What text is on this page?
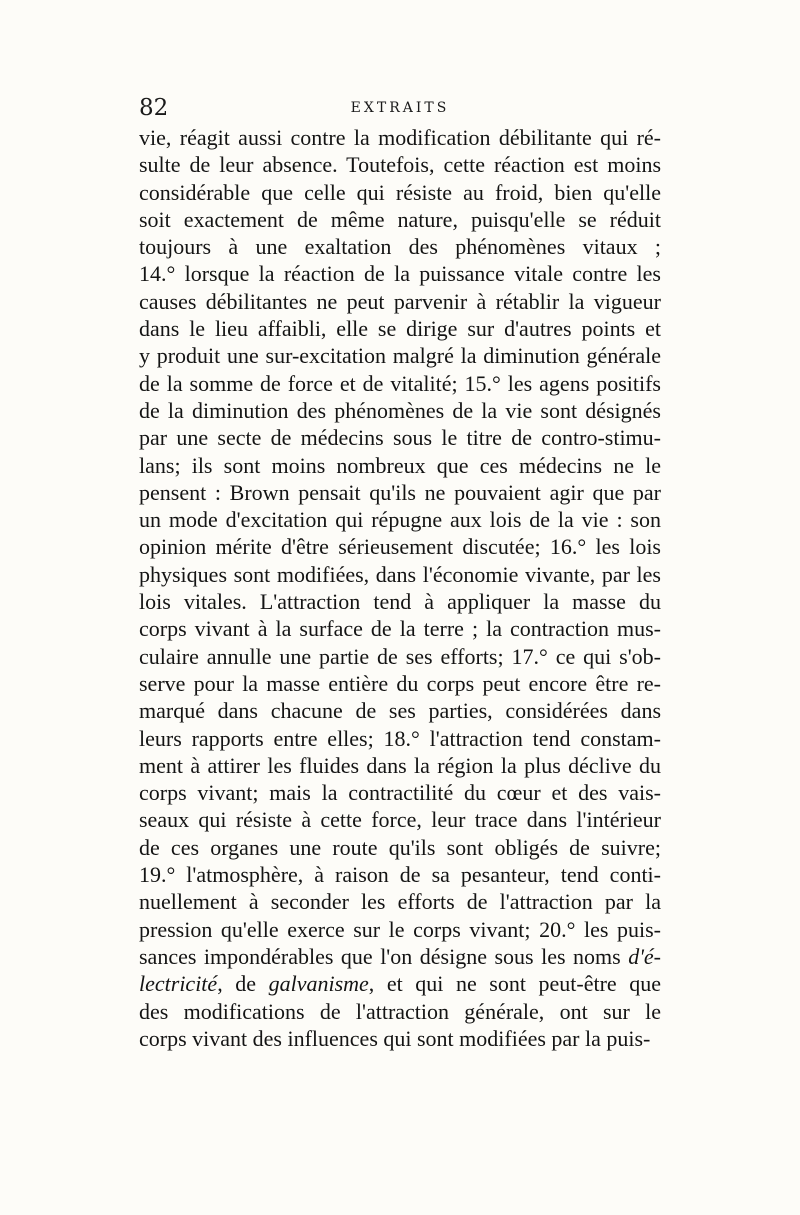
82	EXTRAITS
vie, réagit aussi contre la modification débilitante qui ré-
sulte de leur absence. Toutefois, cette réaction est moins
considérable que celle qui résiste au froid, bien qu'elle
soit exactement de même nature, puisqu'elle se réduit
toujours à une exaltation des phénomènes vitaux ;
14.° lorsque la réaction de la puissance vitale contre les
causes débilitantes ne peut parvenir à rétablir la vigueur
dans le lieu affaibli, elle se dirige sur d'autres points et
y produit une sur-excitation malgré la diminution générale
de la somme de force et de vitalité; 15.° les agens positifs
de la diminution des phénomènes de la vie sont désignés
par une secte de médecins sous le titre de contro-stimu-
lans; ils sont moins nombreux que ces médecins ne le
pensent : Brown pensait qu'ils ne pouvaient agir que par
un mode d'excitation qui répugne aux lois de la vie : son
opinion mérite d'être sérieusement discutée; 16.° les lois
physiques sont modifiées, dans l'économie vivante, par les
lois vitales. L'attraction tend à appliquer la masse du
corps vivant à la surface de la terre ; la contraction mus-
culaire annulle une partie de ses efforts; 17.° ce qui s'ob-
serve pour la masse entière du corps peut encore être re-
marqué dans chacune de ses parties, considérées dans
leurs rapports entre elles; 18.° l'attraction tend constam-
ment à attirer les fluides dans la région la plus déclive du
corps vivant; mais la contractilité du cœur et des vais-
seaux qui résiste à cette force, leur trace dans l'intérieur
de ces organes une route qu'ils sont obligés de suivre;
19.° l'atmosphère, à raison de sa pesanteur, tend conti-
nuellement à seconder les efforts de l'attraction par la
pression qu'elle exerce sur le corps vivant; 20.° les puis-
sances impondérables que l'on désigne sous les noms d'é-
lectricité, de galvanisme, et qui ne sont peut-être que
des modifications de l'attraction générale, ont sur le
corps vivant des influences qui sont modifiées par la puis-
